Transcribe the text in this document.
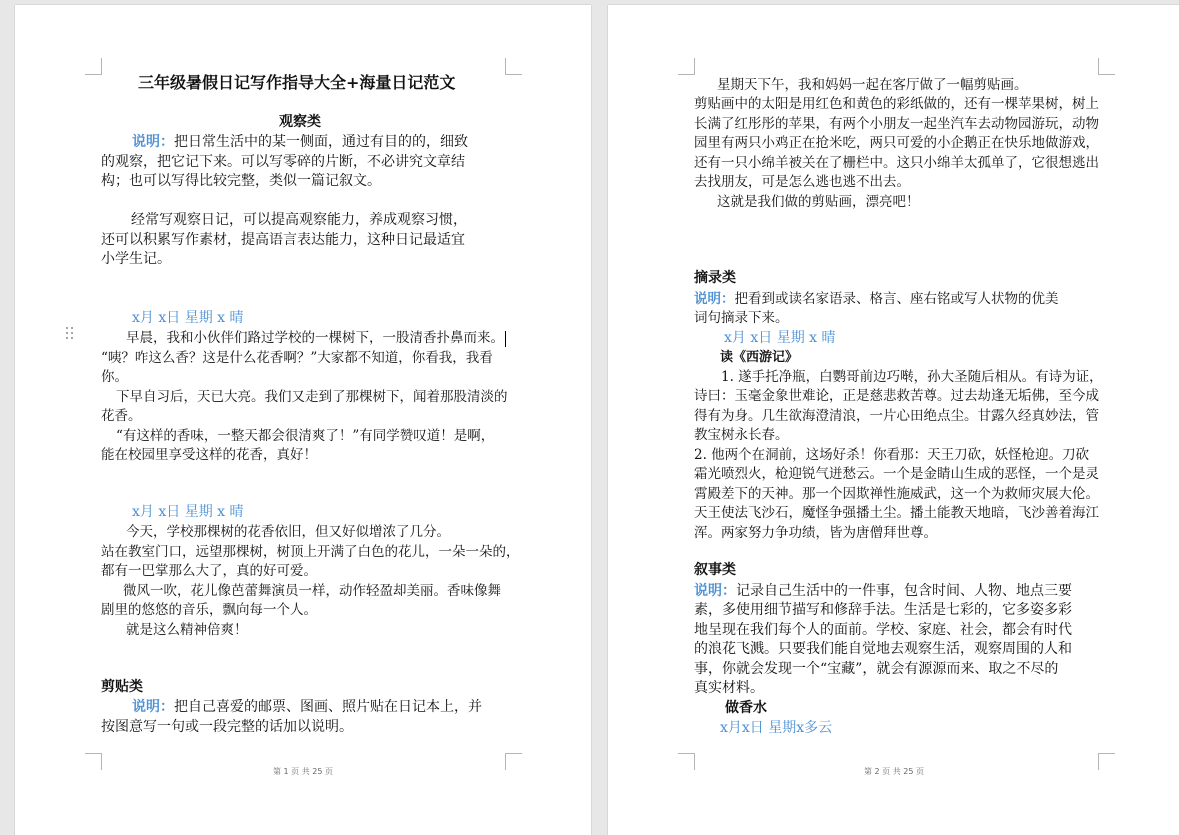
三年级暑假日记写作指导大全+海量日记范文
观察类
说明：把日常生活中的某一侧面，通过有目的的，细致
的观察，把它记下来。可以写零碎的片断，不必讲究文章结
构；也可以写得比较完整，类似一篇记叙文。
经常写观察日记，可以提高观察能力，养成观察习惯，
还可以积累写作素材，提高语言表达能力，这种日记最适宜
小学生记。
x月 x日 星期 x 晴
早晨，我和小伙伴们路过学校的一棵树下，一股清香扑鼻而来。
“咦？咋这么香？这是什么花香啊？”大家都不知道，你看我，我看
你。
下早自习后，天已大亮。我们又走到了那棵树下，闻着那股清淡的
花香。
“有这样的香味，一整天都会很清爽了！”有同学赞叹道！是啊，
能在校园里享受这样的花香，真好！
x月 x日 星期 x 晴
今天，学校那棵树的花香依旧，但又好似增浓了几分。
站在教室门口，远望那棵树，树顶上开满了白色的花儿，一朵一朵的，
都有一巴掌那么大了，真的好可爱。
微风一吹，花儿像芭蕾舞演员一样，动作轻盈却美丽。香味像舞
剧里的悠悠的音乐，飘向每一个人。
就是这么精神倍爽！
剪贴类
说明：把自己喜爱的邮票、图画、照片贴在日记本上，并
按图意写一句或一段完整的话加以说明。
第 1 页 共 25 页
星期天下午，我和妈妈一起在客厅做了一幅剪贴画。
剪贴画中的太阳是用红色和黄色的彩纸做的，还有一棵苹果树，树上
长满了红彤彤的苹果，有两个小朋友一起坐汽车去动物园游玩，动物
园里有两只小鸡正在抢米吃，两只可爱的小企鹅正在快乐地做游戏，
还有一只小绵羊被关在了栅栏中。这只小绵羊太孤单了，它很想逃出
去找朋友，可是怎么逃也逃不出去。
这就是我们做的剪贴画，漂亮吧！
摘录类
说明：把看到或读名家语录、格言、座右铭或写人状物的优美
词句摘录下来。
x月 x日 星期 x 晴
读《西游记》
1. 遂手托净瓶，白鹦哥前边巧啭，孙大圣随后相从。有诗为证，
诗曰：玉毫金象世难论，正是慈悲救苦尊。过去劫逢无垢佛，至今成
得有为身。几生欲海澄清浪，一片心田绝点尘。甘露久经真妙法，管
教宝树永长春。
2. 他两个在洞前，这场好杀！你看那：天王刀砍，妖怪枪迎。刀砍
霜光喷烈火，枪迎锐气迸愁云。一个是金睛山生成的恶怪，一个是灵
霄殿差下的天神。那一个因欺禅性施威武，这一个为救师灾展大伦。
天王使法飞沙石，魔怪争强播土尘。播土能教天地暗，飞沙善着海江
浑。两家努力争功绩，皆为唐僧拜世尊。
叙事类
说明：记录自己生活中的一件事，包含时间、人物、地点三要
素，多使用细节描写和修辞手法。生活是七彩的，它多姿多彩
地呈现在我们每个人的面前。学校、家庭、社会，都会有时代
的浪花飞溅。只要我们能自觉地去观察生活，观察周围的人和
事，你就会发现一个“宝藏”，就会有源源而来、取之不尽的
真实材料。
做香水
x月x日 星期x多云
第 2 页 共 25 页
